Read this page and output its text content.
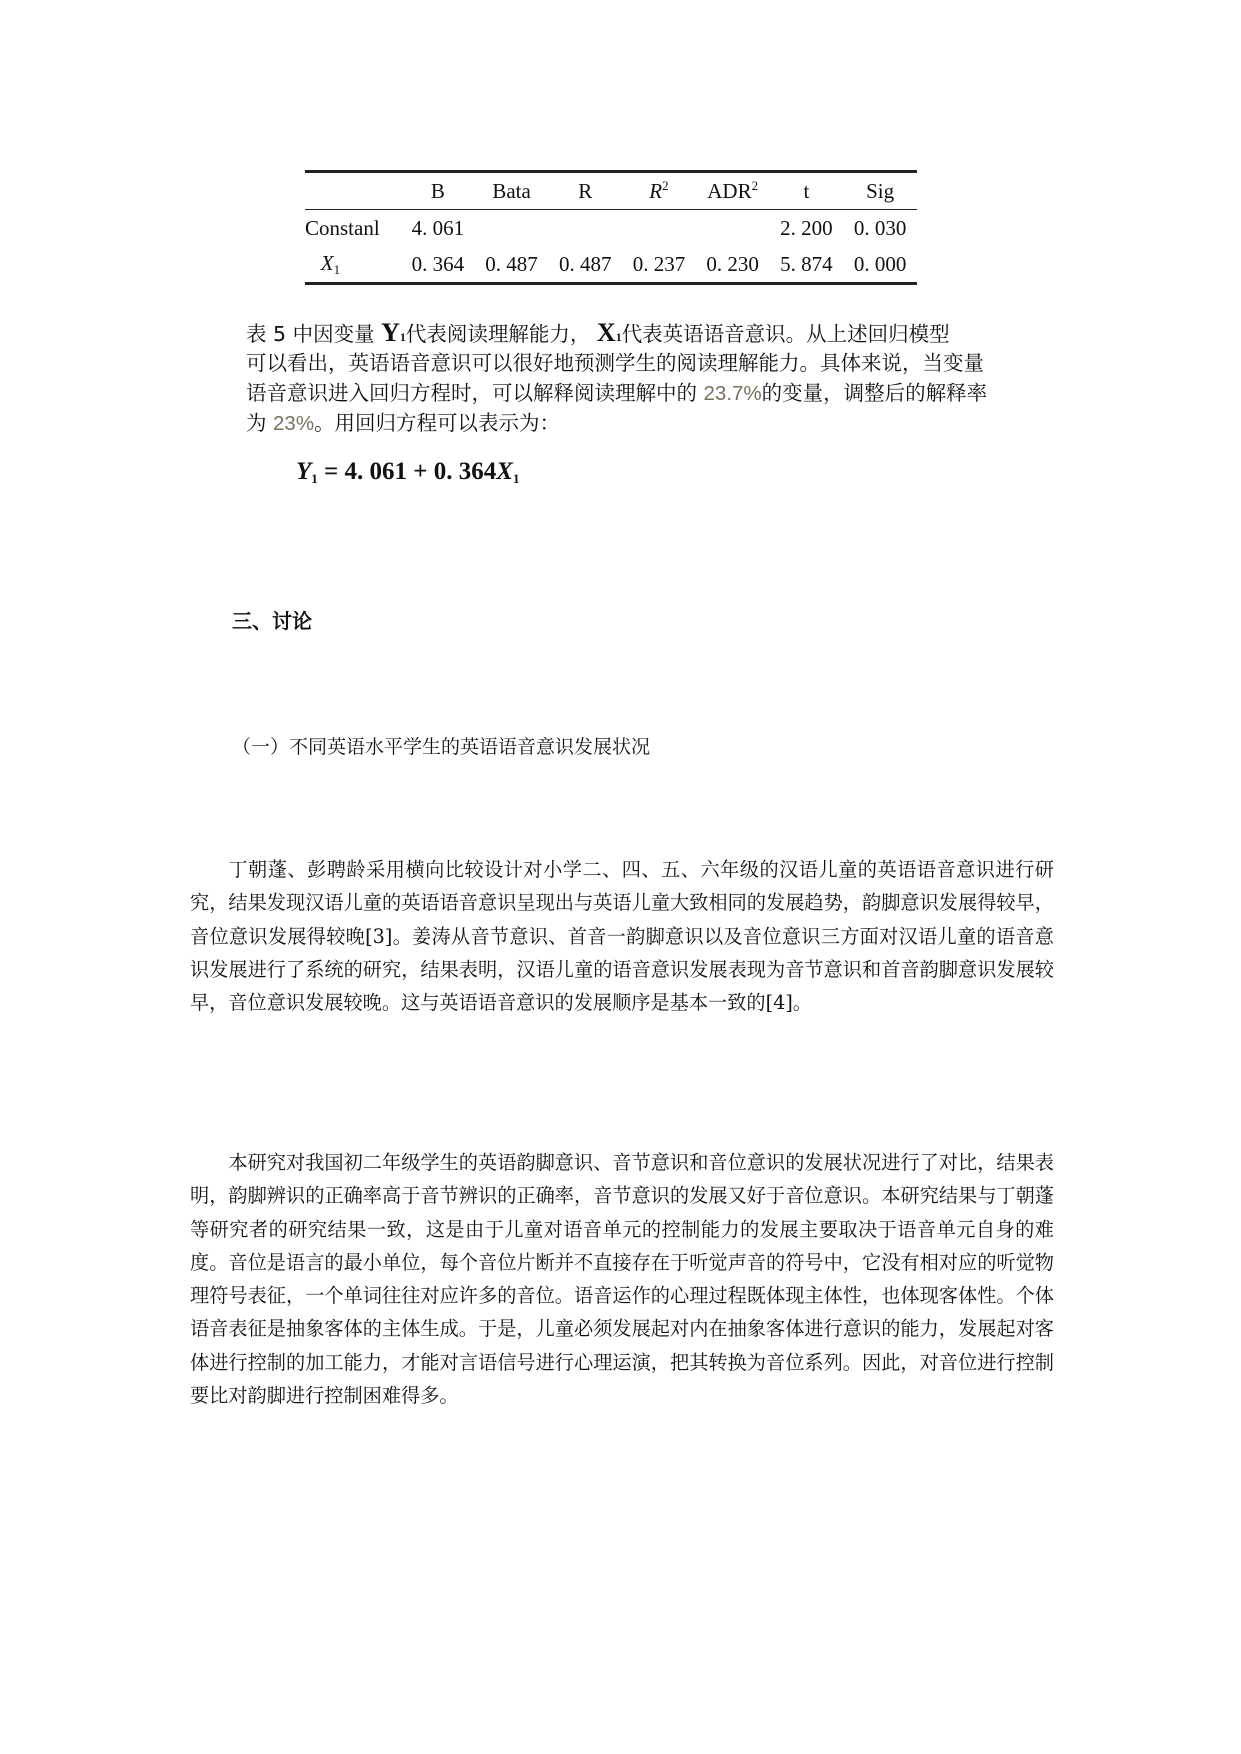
	B	Bata	R	$R^2$	ADR$^2$	t	Sig
Constanl	4. 061					2. 200	0. 030
$X_1$	0. 364	0. 487	0. 487	0. 237	0. 230	5. 874	0. 000
表 5 中因变量 Y1代表阅读理解能力， X1代表英语语音意识。从上述回归模型
可以看出，英语语音意识可以很好地预测学生的阅读理解能力。具体来说，当变量
语音意识进入回归方程时，可以解释阅读理解中的 23.7%的变量，调整后的解释率
为 23%。用回归方程可以表示为：
$Y_1 = 4$. 061 + 0. $364X_1$
三、讨论
（一）不同英语水平学生的英语语音意识发展状况

丁朝蓬、彭聘龄采用横向比较设计对小学二、四、五、六年级的汉语儿童的英语语音意识进行研究，结果发现汉语儿童的英语语音意识呈现出与英语儿童大致相同的发展趋势，韵脚意识发展得较早，音位意识发展得较晚[3]。姜涛从音节意识、首音一韵脚意识以及音位意识三方面对汉语儿童的语音意识发展进行了系统的研究，结果表明，汉语儿童的语音意识发展表现为音节意识和首音韵脚意识发展较早，音位意识发展较晚。这与英语语音意识的发展顺序是基本一致的[4]。

本研究对我国初二年级学生的英语韵脚意识、音节意识和音位意识的发展状况进行了对比，结果表明，韵脚辨识的正确率高于音节辨识的正确率，音节意识的发展又好于音位意识。本研究结果与丁朝蓬等研究者的研究结果一致，这是由于儿童对语音单元的控制能力的发展主要取决于语音单元自身的难度。音位是语言的最小单位，每个音位片断并不直接存在于听觉声音的符号中，它没有相对应的听觉物理符号表征，一个单词往往对应许多的音位。语音运作的心理过程既体现主体性，也体现客体性。个体语音表征是抽象客体的主体生成。于是，儿童必须发展起对内在抽象客体进行意识的能力，发展起对客体进行控制的加工能力，才能对言语信号进行心理运演，把其转换为音位系列。因此，对音位进行控制要比对韵脚进行控制困难得多。
